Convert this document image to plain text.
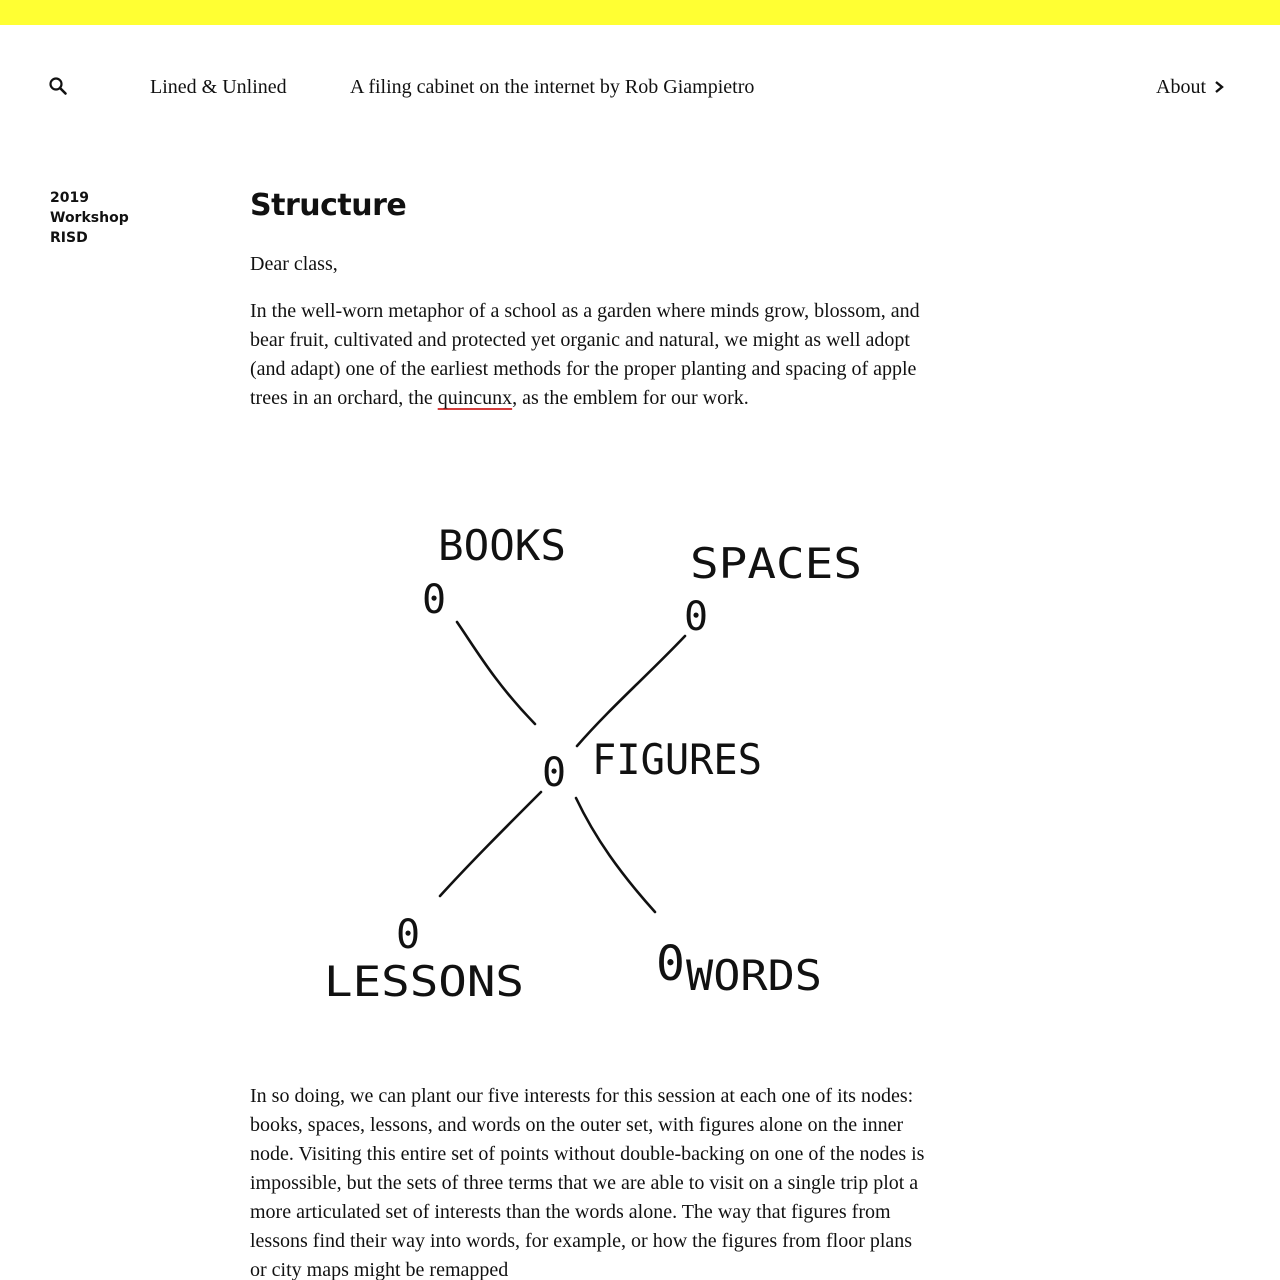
Lined & Unlined	A filing cabinet on the internet by Rob Giampietro	About
2019
Workshop
RISD
Structure

Dear class,

In the well-worn metaphor of a school as a garden where minds grow, blossom, and bear fruit, cultivated and protected yet organic and natural, we might as well adopt (and adapt) one of the earliest methods for the proper planting and spacing of apple trees in an orchard, the quincunx, as the emblem for our work.

0
BOOKS
0
SPACES
0 FIGURES
0
LESSONS	0 WORDS

In so doing, we can plant our five interests for this session at each one of its nodes: books, spaces, lessons, and words on the outer set, with figures alone on the inner node. Visiting this entire set of points without double-backing on one of the nodes is impossible, but the sets of three terms that we are able to visit on a single trip plot a more articulated set of interests than the words alone. The way that figures from lessons find their way into words, for example, or how the figures from floor plans or city maps might be remapped
